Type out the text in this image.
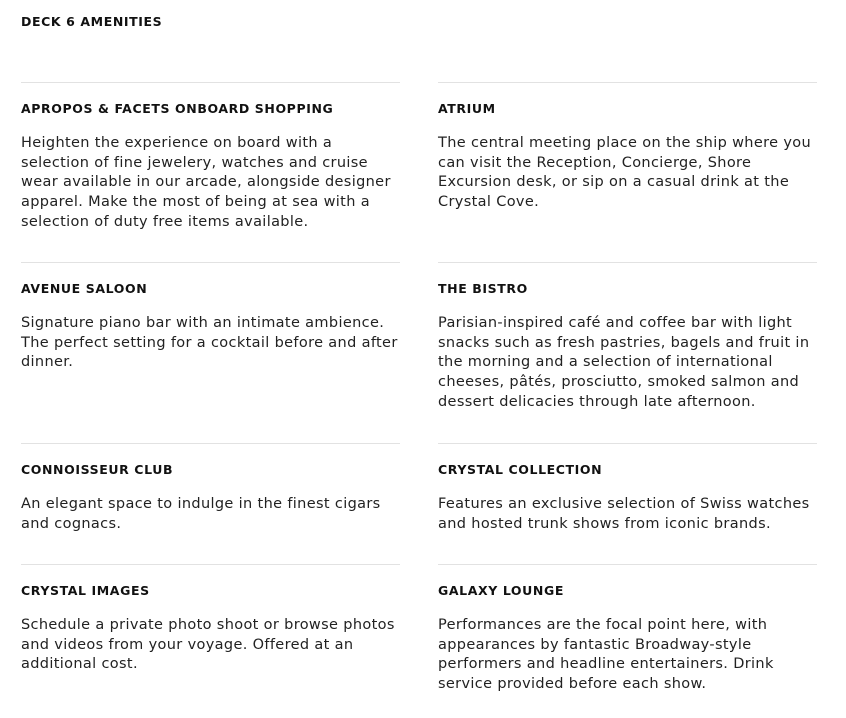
DECK 6 AMENITIES
APROPOS & FACETS ONBOARD SHOPPING

Heighten the experience on board with a selection of fine jewelery, watches and cruise wear available in our arcade, alongside designer apparel. Make the most of being at sea with a selection of duty free items available.

ATRIUM

The central meeting place on the ship where you can visit the Reception, Concierge, Shore Excursion desk, or sip on a casual drink at the Crystal Cove.

AVENUE SALOON

Signature piano bar with an intimate ambience. The perfect setting for a cocktail before and after dinner.

THE BISTRO

Parisian-inspired café and coffee bar with light snacks such as fresh pastries, bagels and fruit in the morning and a selection of international cheeses, pâtés, prosciutto, smoked salmon and dessert delicacies through late afternoon.

CONNOISSEUR CLUB

An elegant space to indulge in the finest cigars and cognacs.

CRYSTAL COLLECTION

Features an exclusive selection of Swiss watches and hosted trunk shows from iconic brands.

CRYSTAL IMAGES

Schedule a private photo shoot or browse photos and videos from your voyage. Offered at an additional cost.

GALAXY LOUNGE

Performances are the focal point here, with appearances by fantastic Broadway-style performers and headline entertainers. Drink service provided before each show.
